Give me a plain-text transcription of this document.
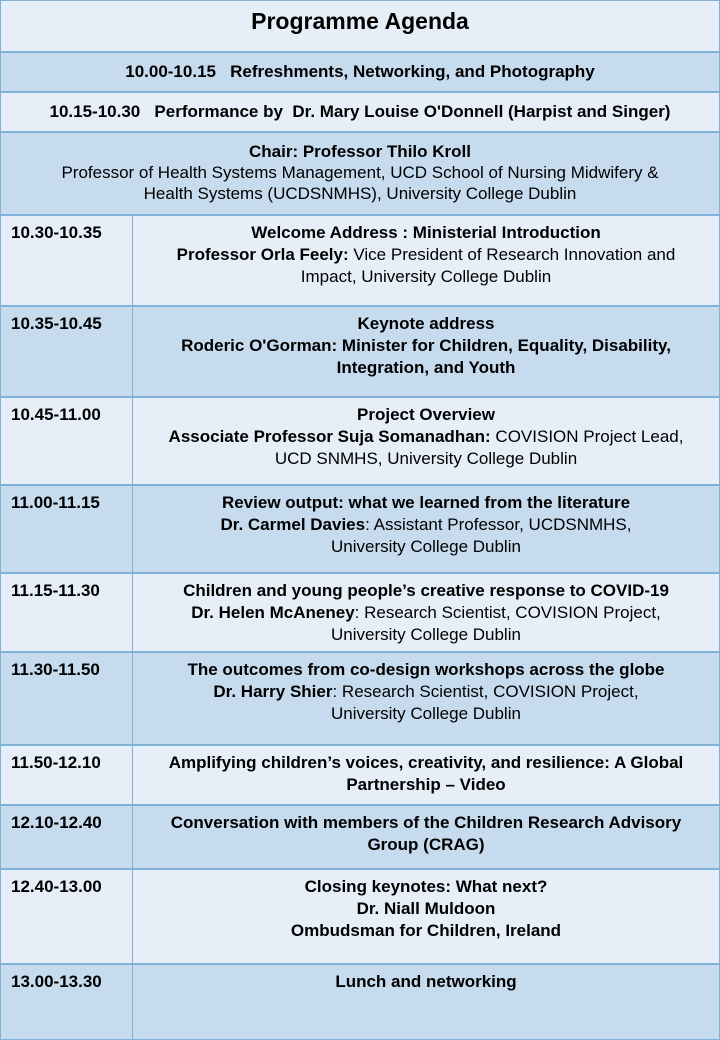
Programme Agenda
10.00-10.15   Refreshments, Networking, and Photography
10.15-10.30   Performance by  Dr. Mary Louise O'Donnell (Harpist and Singer)
Chair: Professor Thilo Kroll
Professor of Health Systems Management, UCD School of Nursing Midwifery &
Health Systems (UCDSNMHS), University College Dublin
10.30-10.35	Welcome Address : Ministerial Introduction
Professor Orla Feely: Vice President of Research Innovation and
Impact, University College Dublin
10.35-10.45	Keynote address
Roderic O'Gorman: Minister for Children, Equality, Disability,
Integration, and Youth
10.45-11.00	Project Overview
Associate Professor Suja Somanadhan: COVISION Project Lead,
UCD SNMHS, University College Dublin
11.00-11.15	Review output: what we learned from the literature
Dr. Carmel Davies: Assistant Professor, UCDSNMHS,
University College Dublin
11.15-11.30	Children and young people’s creative response to COVID-19
Dr. Helen McAneney: Research Scientist, COVISION Project,
University College Dublin
11.30-11.50	The outcomes from co-design workshops across the globe
Dr. Harry Shier: Research Scientist, COVISION Project,
University College Dublin
11.50-12.10	Amplifying children’s voices, creativity, and resilience: A Global
Partnership – Video
12.10-12.40	Conversation with members of the Children Research Advisory
Group (CRAG)
12.40-13.00	Closing keynotes: What next?
Dr. Niall Muldoon
Ombudsman for Children, Ireland
13.00-13.30	Lunch and networking
